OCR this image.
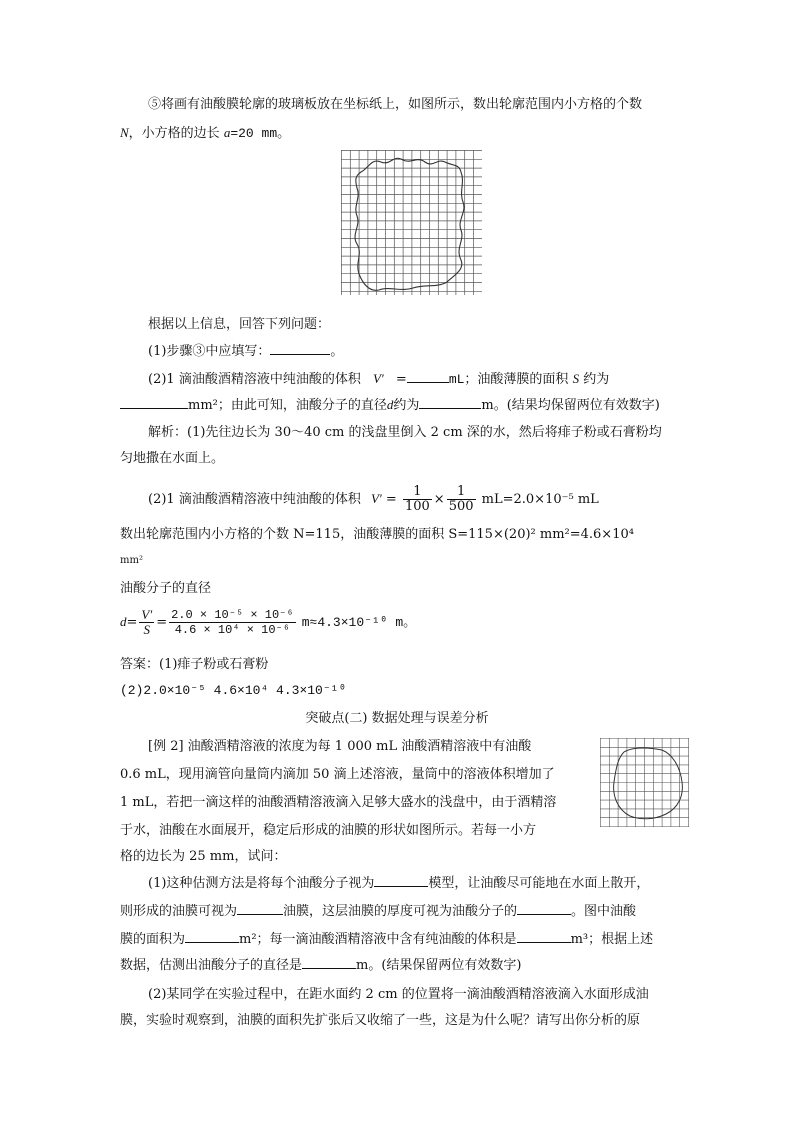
⑤将画有油酸膜轮廓的玻璃板放在坐标纸上，如图所示，数出轮廓范围内小方格的个数
N，小方格的边长 a=20 mm。
根据以上信息，回答下列问题：
(1)步骤③中应填写：	。
(2)1 滴油酸酒精溶液中纯油酸的体积 V′ =	mL；油酸薄膜的面积 S 约为
mm²；由此可知，油酸分子的直径d约为	m。(结果均保留两位有效数字)
解析：(1)先往边长为 30～40 cm 的浅盘里倒入 2 cm 深的水，然后将痱子粉或石膏粉均
匀地撒在水面上。
(2)1 滴油酸酒精溶液中纯油酸的体积 $V' = \frac{1}{100} \times \frac{1}{500} mL=2.0\times 10^{-5}$ mL
数出轮廓范围内小方格的个数 N=115，油酸薄膜的面积 S=115×(20)² mm²=4.6×10⁴
mm²
油酸分子的直径
$d= \frac{V'}{S} = \frac{\text{2.0 × 10⁻⁵ × 10⁻⁶}}{\text{4.6 × 10⁴ × 10⁻⁶}} m\approx 4.3\times 10^{-10}$ m。
答案：(1)痱子粉或石膏粉
(2)2.0×10⁻⁵ 4.6×10⁴ 4.3×10⁻¹⁰
突破点(二) 数据处理与误差分析
[例 2] 油酸酒精溶液的浓度为每 1 000 mL 油酸酒精溶液中有油酸
0.6 mL，现用滴管向量筒内滴加 50 滴上述溶液，量筒中的溶液体积增加了
1 mL，若把一滴这样的油酸酒精溶液滴入足够大盛水的浅盘中，由于酒精溶
于水，油酸在水面展开，稳定后形成的油膜的形状如图所示。若每一小方
格的边长为 25 mm，试问：
(1)这种估测方法是将每个油酸分子视为	模型，让油酸尽可能地在水面上散开，
则形成的油膜可视为	油膜，这层油膜的厚度可视为油酸分子的	。图中油酸
膜的面积为	m²；每一滴油酸酒精溶液中含有纯油酸的体积是	m³；根据上述
数据，估测出油酸分子的直径是	m。(结果保留两位有效数字)
(2)某同学在实验过程中，在距水面约 2 cm 的位置将一滴油酸酒精溶液滴入水面形成油
膜，实验时观察到，油膜的面积先扩张后又收缩了一些，这是为什么呢？请写出你分析的原
